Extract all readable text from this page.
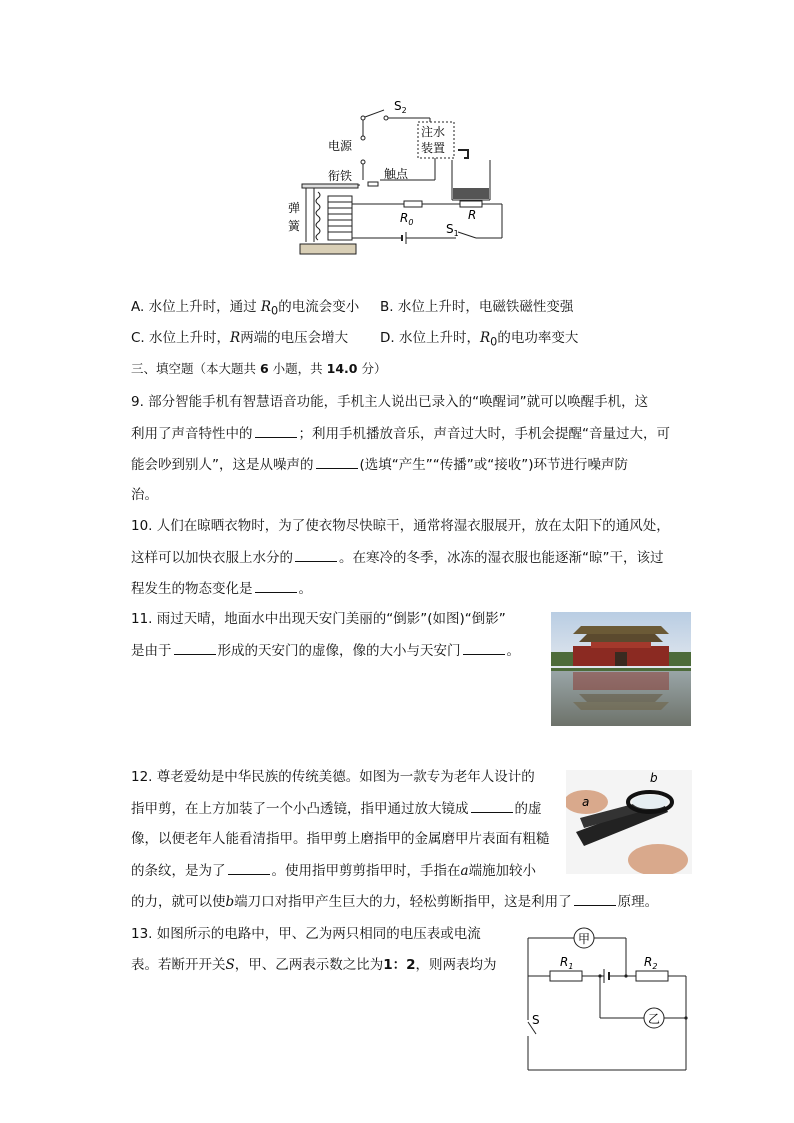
$S_2$
电源
衔铁	触点
注水
装置
弹
簧
$R_0$
R
$S_1$
A. 水位上升时，通过 $R_0$的电流会变小 B. 水位上升时，电磁铁磁性变强
C. 水位上升时，R两端的电压会增大 D. 水位上升时，$R_0$的电功率变大
三、填空题（本大题共 6 小题，共 14.0 分）
9. 部分智能手机有智慧语音功能，手机主人说出已录入的“唤醒词”就可以唤醒手机，这
利用了声音特性中的	；利用手机播放音乐，声音过大时，手机会提醒“音量过大，可
能会吵到别人”，这是从噪声的	(选填“产生”“传播”或“接收”)环节进行噪声防
治。
10. 人们在晾晒衣物时，为了使衣物尽快晾干，通常将湿衣服展开，放在太阳下的通风处，
这样可以加快衣服上水分的	。在寒冷的冬季，冰冻的湿衣服也能逐渐“晾”干，该过
程发生的物态变化是	。
11. 雨过天晴，地面水中出现天安门美丽的“倒影”(如图)“倒影”
是由于	形成的天安门的虚像，像的大小与天安门	。
12. 尊老爱幼是中华民族的传统美德。如图为一款专为老年人设计的
指甲剪，在上方加装了一个小凸透镜，指甲通过放大镜成	的虚
像，以便老年人能看清指甲。指甲剪上磨指甲的金属磨甲片表面有粗糙
的条纹，是为了	。使用指甲剪剪指甲时，手指在a端施加较小
的力，就可以使b端刀口对指甲产生巨大的力，轻松剪断指甲，这是利用了	原理。
a
b
13. 如图所示的电路中，甲、乙为两只相同的电压表或电流
表。若断开开关S，甲、乙两表示数之比为1：2，则两表均为
甲
乙
$R_1$	$R_2$
S
